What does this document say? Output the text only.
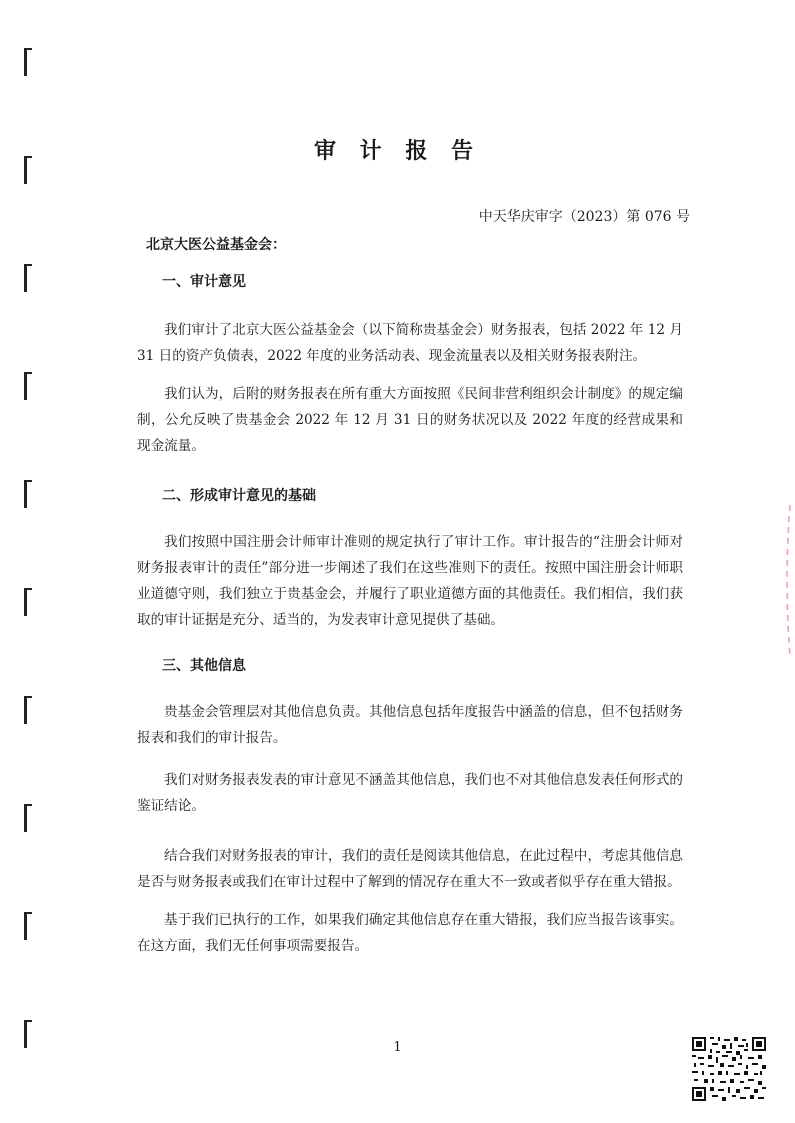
审 计 报 告
中天华庆审字（2023）第 076 号
北京大医公益基金会：
一、审计意见

我们审计了北京大医公益基金会（以下简称贵基金会）财务报表，包括 2022 年 12 月 31 日的资产负债表，2022 年度的业务活动表、现金流量表以及相关财务报表附注。

我们认为，后附的财务报表在所有重大方面按照《民间非营利组织会计制度》的规定编制，公允反映了贵基金会 2022 年 12 月 31 日的财务状况以及 2022 年度的经营成果和现金流量。

二、形成审计意见的基础

我们按照中国注册会计师审计准则的规定执行了审计工作。审计报告的“注册会计师对财务报表审计的责任”部分进一步阐述了我们在这些准则下的责任。按照中国注册会计师职业道德守则，我们独立于贵基金会，并履行了职业道德方面的其他责任。我们相信，我们获取的审计证据是充分、适当的，为发表审计意见提供了基础。

三、其他信息

贵基金会管理层对其他信息负责。其他信息包括年度报告中涵盖的信息，但不包括财务报表和我们的审计报告。

我们对财务报表发表的审计意见不涵盖其他信息，我们也不对其他信息发表任何形式的鉴证结论。

结合我们对财务报表的审计，我们的责任是阅读其他信息，在此过程中，考虑其他信息是否与财务报表或我们在审计过程中了解到的情况存在重大不一致或者似乎存在重大错报。

基于我们已执行的工作，如果我们确定其他信息存在重大错报，我们应当报告该事实。在这方面，我们无任何事项需要报告。

1
